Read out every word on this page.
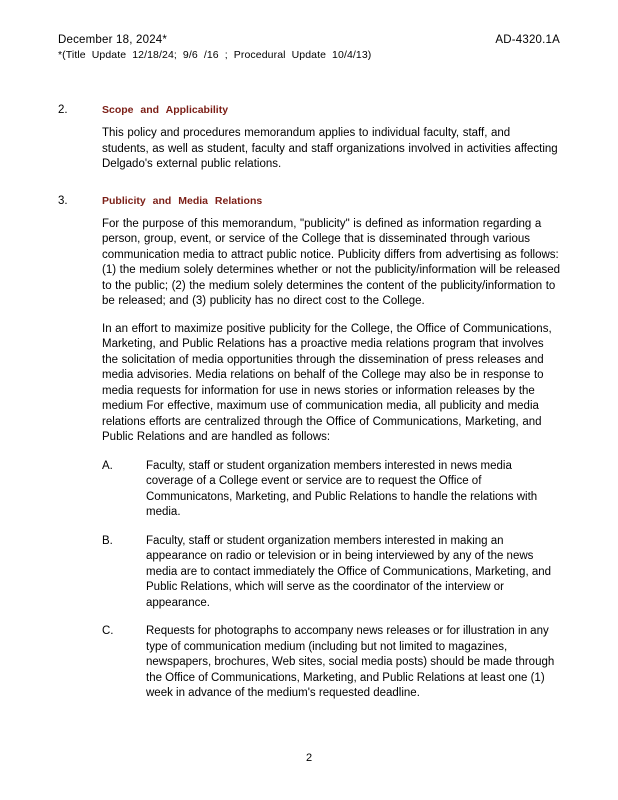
December 18, 2024*	AD-4320.1A
*(Title Update 12/18/24; 9/6 /16 ; Procedural Update 10/4/13)
2.	Scope and Applicability

This policy and procedures memorandum applies to individual faculty, staff, and students, as well as student, faculty and staff organizations involved in activities affecting Delgado's external public relations.

3.	Publicity and Media Relations

For the purpose of this memorandum, "publicity" is defined as information regarding a person, group, event, or service of the College that is disseminated through various communication media to attract public notice. Publicity differs from advertising as follows: (1) the medium solely determines whether or not the publicity/information will be released to the public; (2) the medium solely determines the content of the publicity/information to be released; and (3) publicity has no direct cost to the College.

In an effort to maximize positive publicity for the College, the Office of Communications, Marketing, and Public Relations has a proactive media relations program that involves the solicitation of media opportunities through the dissemination of press releases and media advisories. Media relations on behalf of the College may also be in response to media requests for information for use in news stories or information releases by the medium For effective, maximum use of communication media, all publicity and media relations efforts are centralized through the Office of Communications, Marketing, and Public Relations and are handled as follows:

A.	Faculty, staff or student organization members interested in news media coverage of a College event or service are to request the Office of Communicatons, Marketing, and Public Relations to handle the relations with media.
B.	Faculty, staff or student organization members interested in making an appearance on radio or television or in being interviewed by any of the news media are to contact immediately the Office of Communications, Marketing, and Public Relations, which will serve as the coordinator of the interview or appearance.
C.	Requests for photographs to accompany news releases or for illustration in any type of communication medium (including but not limited to magazines, newspapers, brochures, Web sites, social media posts) should be made through the Office of Communications, Marketing, and Public Relations at least one (1) week in advance of the medium's requested deadline.
2
